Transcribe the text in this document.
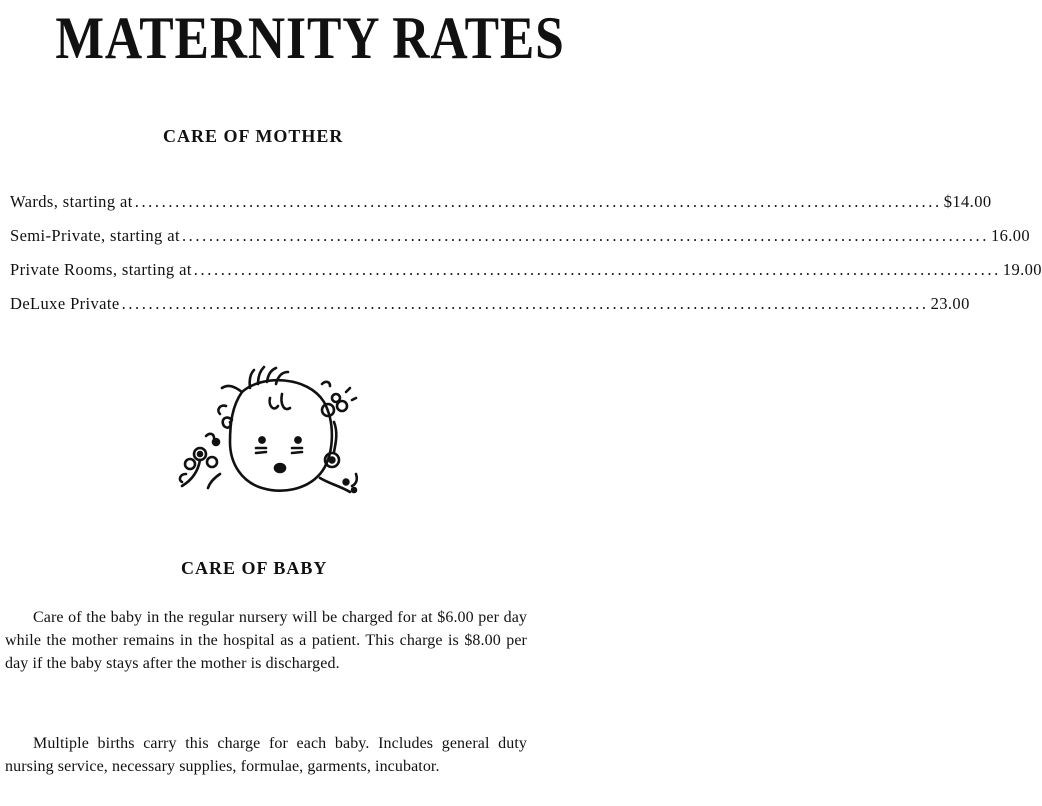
MATERNITY RATES
CARE OF MOTHER
Wards, starting at ........................................................................................................................ $14.00
Semi-Private, starting at ........................................................................................................................ 16.00
Private Rooms, starting at ........................................................................................................................ 19.00
DeLuxe Private ........................................................................................................................ 23.00
CARE OF BABY

Care of the baby in the regular nursery will be charged for at $6.00 per day while the mother remains in the hospital as a patient. This charge is $8.00 per day if the baby stays after the mother is discharged.

Multiple births carry this charge for each baby. Includes general duty nursing service, necessary supplies, formulae, garments, incubator.
